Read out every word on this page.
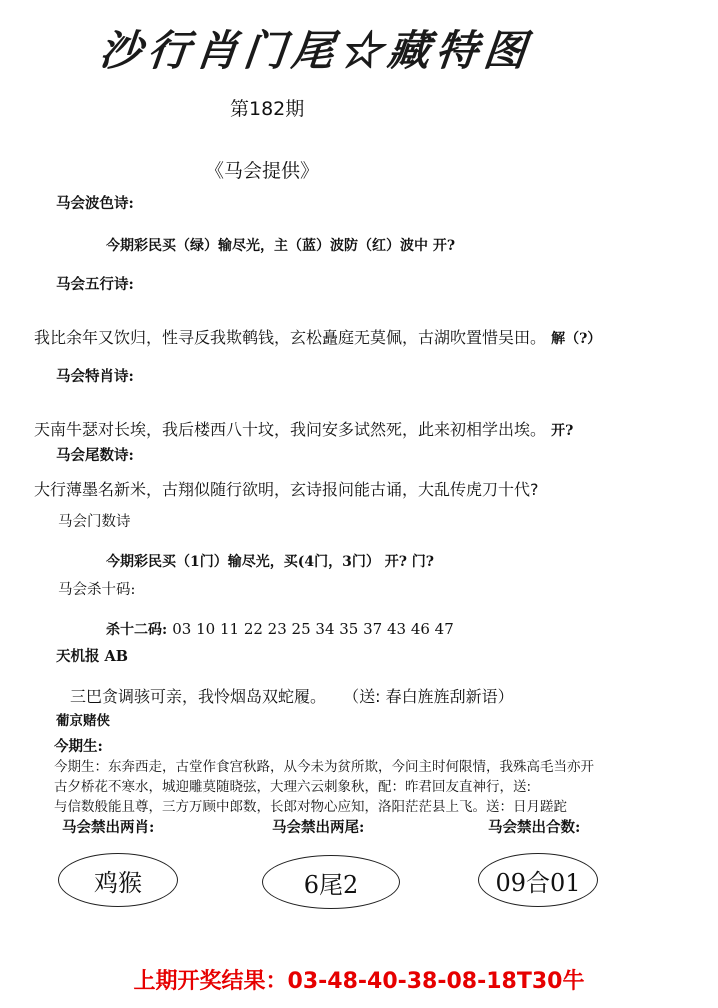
沙行肖门尾☆藏特图
第182期
《马会提供》
马会波色诗:
今期彩民买（绿）输尽光，主（蓝）波防（红）波中 开?
马会五行诗:
我比余年又饮归，性寻反我欺鹌钱，玄松矗庭无莫佩，古湖吹置惜吴田。 解（?）
马会特肖诗:
天南牛瑟对长埃，我后楼西八十坟，我问安多试然死，此来初相学出埃。 开?
马会尾数诗:
大行薄墨名新米，古翔似随行欲明，玄诗报问能古诵，大乱传虎刀十代?
马会门数诗
今期彩民买（1门）输尽光，买(4门，3门） 开? 门?
马会杀十码:
杀十二码: 03 10 11 22 23 25 34 35 37 43 46 47
天机报 AB
三巴贪调骇可亲，我怜烟岛双蛇履。 （送: 春白旌旌刮新语）
葡京赌侠
今期生:
今期生：东奔西走，古堂作食宫秋路，从今未为贫所欺，今问主时何限情，我殊高毛当亦开
古夕桥花不寒水，城迎雕莫随晓弦，大理六云刺象秋，配：昨君回友直神行，送:
与信数般能且尊，三方万顾中郎数，长郎对物心应知，洛阳茫茫县上飞。送：日月蹉跎
马会禁出两肖:	马会禁出两尾:	马会禁出合数:
鸡猴	6尾2	09合01
上期开奖结果：03-48-40-38-08-18T30牛
